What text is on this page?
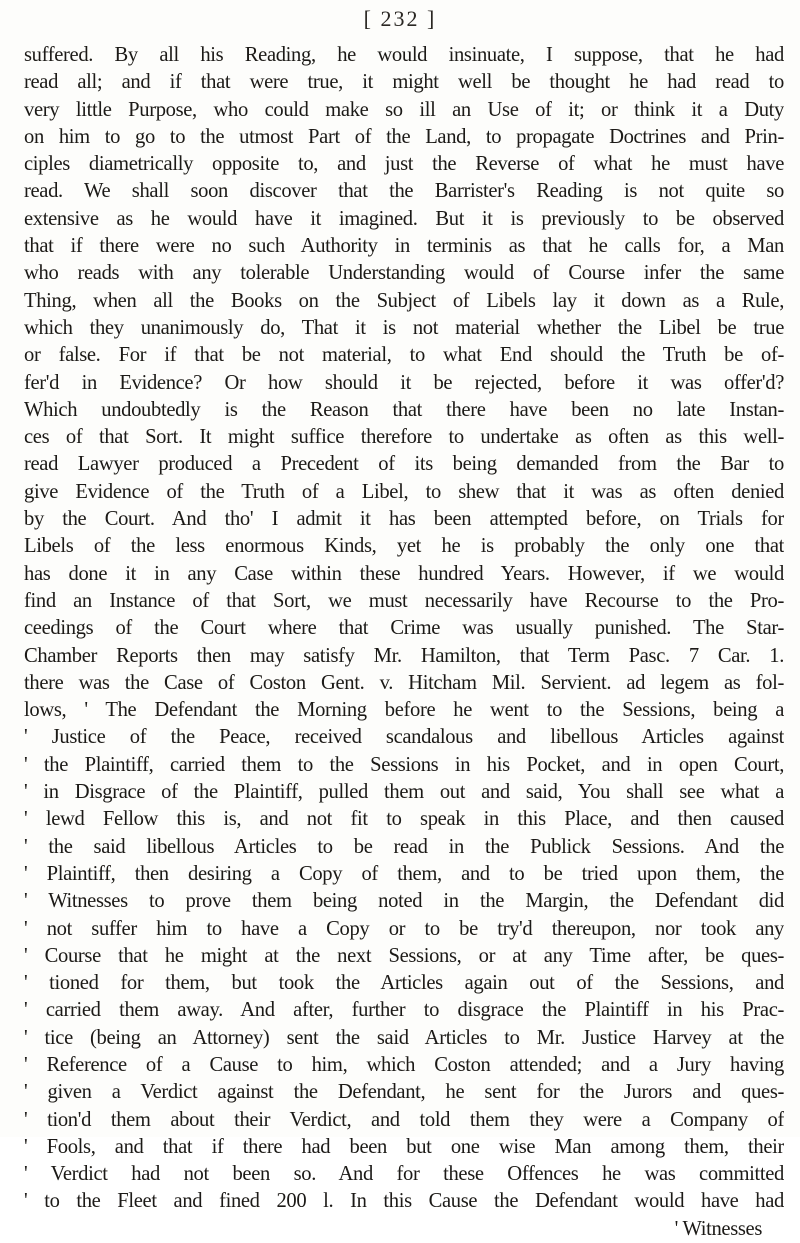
[ 232 ]
suffered. By all his Reading, he would insinuate, I suppose, that he had
read all; and if that were true, it might well be thought he had read to
very little Purpose, who could make so ill an Use of it; or think it a Duty
on him to go to the utmost Part of the Land, to propagate Doctrines and Prin-
ciples diametrically opposite to, and just the Reverse of what he must have
read. We shall soon discover that the Barrister's Reading is not quite so
extensive as he would have it imagined. But it is previously to be observed
that if there were no such Authority in terminis as that he calls for, a Man
who reads with any tolerable Understanding would of Course infer the same
Thing, when all the Books on the Subject of Libels lay it down as a Rule,
which they unanimously do, That it is not material whether the Libel be true
or false. For if that be not material, to what End should the Truth be of-
fer'd in Evidence? Or how should it be rejected, before it was offer'd?
Which undoubtedly is the Reason that there have been no late Instan-
ces of that Sort. It might suffice therefore to undertake as often as this well-
read Lawyer produced a Precedent of its being demanded from the Bar to
give Evidence of the Truth of a Libel, to shew that it was as often denied
by the Court. And tho' I admit it has been attempted before, on Trials for
Libels of the less enormous Kinds, yet he is probably the only one that
has done it in any Case within these hundred Years. However, if we would
find an Instance of that Sort, we must necessarily have Recourse to the Pro-
ceedings of the Court where that Crime was usually punished. The Star-
Chamber Reports then may satisfy Mr. Hamilton, that Term Pasc. 7 Car. 1.
there was the Case of Coston Gent. v. Hitcham Mil. Servient. ad legem as fol-
lows, ' The Defendant the Morning before he went to the Sessions, being a
' Justice of the Peace, received scandalous and libellous Articles against
' the Plaintiff, carried them to the Sessions in his Pocket, and in open Court,
' in Disgrace of the Plaintiff, pulled them out and said, You shall see what a
' lewd Fellow this is, and not fit to speak in this Place, and then caused
' the said libellous Articles to be read in the Publick Sessions. And the
' Plaintiff, then desiring a Copy of them, and to be tried upon them, the
' Witnesses to prove them being noted in the Margin, the Defendant did
' not suffer him to have a Copy or to be try'd thereupon, nor took any
' Course that he might at the next Sessions, or at any Time after, be ques-
' tioned for them, but took the Articles again out of the Sessions, and
' carried them away. And after, further to disgrace the Plaintiff in his Prac-
' tice (being an Attorney) sent the said Articles to Mr. Justice Harvey at the
' Reference of a Cause to him, which Coston attended; and a Jury having
' given a Verdict against the Defendant, he sent for the Jurors and ques-
' tion'd them about their Verdict, and told them they were a Company of
' Fools, and that if there had been but one wise Man among them, their
' Verdict had not been so. And for these Offences he was committed
' to the Fleet and fined 200 l. In this Cause the Defendant would have had
' Witnesses
